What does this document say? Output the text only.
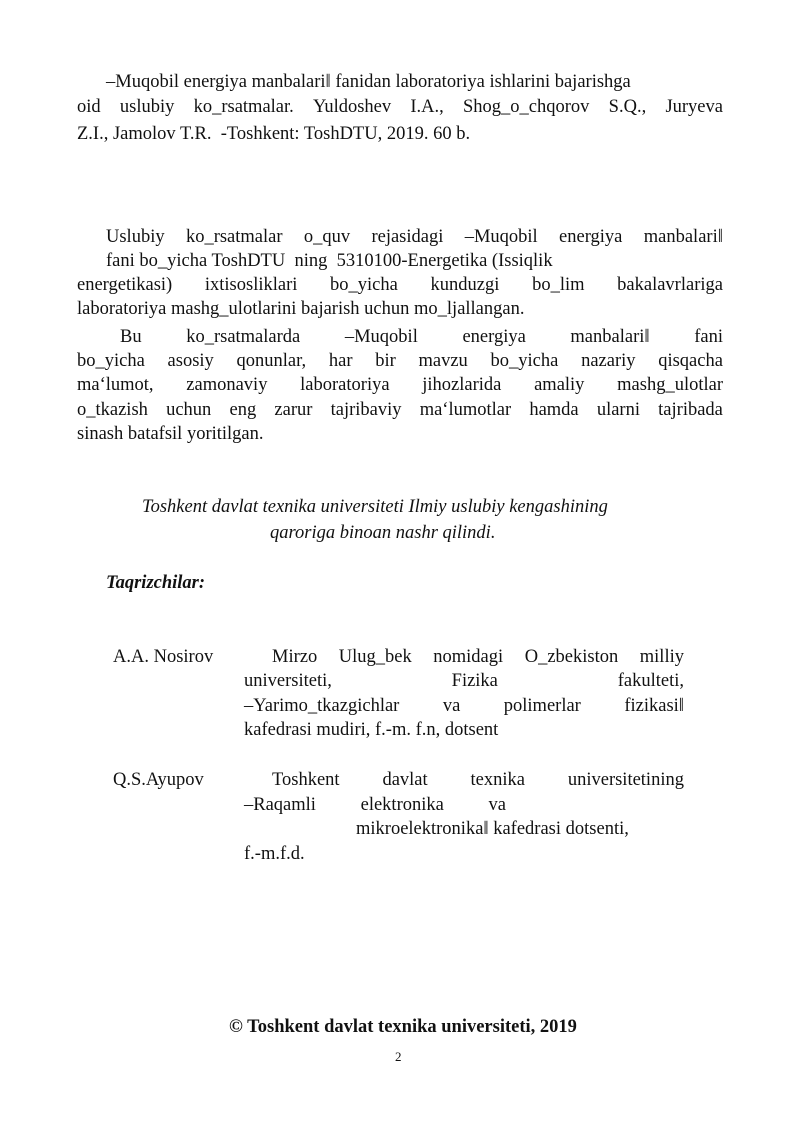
–Muqobil energiya manbalari‖ fanidan laboratoriya ishlarini bajarishga
oid uslubiy ko_rsatmalar. Yuldoshev I.A., Shog_o_chqorov S.Q., Juryeva
Z.I., Jamolov T.R.  -Toshkent: ToshDTU, 2019. 60 b.
Uslubiy ko_rsatmalar o_quv rejasidagi –Muqobil energiya manbalari‖
fani bo_yicha ToshDTU  ning  5310100-Energetika (Issiqlik
energetikasi) ixtisosliklari bo_yicha kunduzgi bo_lim bakalavrlariga
laboratoriya mashg_ulotlarini bajarish uchun mo_ljallangan.
Bu ko_rsatmalarda –Muqobil energiya manbalari‖ fani
bo_yicha asosiy qonunlar, har bir mavzu bo_yicha nazariy qisqacha
ma‘lumot, zamonaviy laboratoriya jihozlarida amaliy mashg_ulotlar
o_tkazish uchun eng zarur tajribaviy ma‘lumotlar hamda ularni tajribada
sinash batafsil yoritilgan.
Toshkent davlat texnika universiteti Ilmiy uslubiy kengashining
qaroriga binoan nashr qilindi.
Taqrizchilar:
A.A. Nosirov	Mirzo Ulug_bek nomidagi O_zbekiston milliy
universiteti,	Fizika	fakulteti,
–Yarimo_tkazgichlar va polimerlar fizikasi‖
kafedrasi mudiri, f.-m. f.n, dotsent
Q.S.Ayupov	Toshkent davlat texnika universitetining
–Raqamli elektronika va
mikroelektronika‖ kafedrasi dotsenti,
f.-m.f.d.
© Toshkent davlat texnika universiteti, 2019
2
